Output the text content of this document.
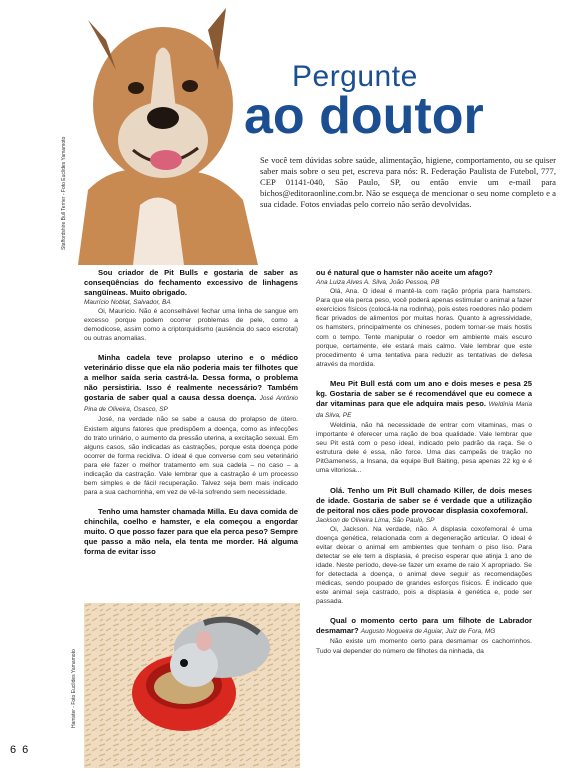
Staffordshire Bull Terrier - Foto Euclides Yamamoto
Pergunte
ao doutor
Se você tem dúvidas sobre saúde, alimentação, higiene, comportamento, ou se quiser saber mais sobre o seu pet, escreva para nós: R. Federação Paulista de Futebol, 777, CEP 01141-040, São Paulo, SP, ou então envie um e-mail para bichos@editoraonline.com.br. Não se esqueça de mencionar o seu nome completo e a sua cidade. Fotos enviadas pelo correio não serão devolvidas.

Sou criador de Pit Bulls e gostaria de saber as conseqüências do fechamento excessivo de linhagens sangüíneas. Muito obrigado.

Maurício Noblat, Salvador, BA

Oi, Maurício. Não é aconselhável fechar uma linha de sangue em excesso porque podem ocorrer problemas de pele, como a demodicose, assim como a criptorquidismo (ausência do saco escrotal) ou outras anomalias.

Minha cadela teve prolapso uterino e o médico veterinário disse que ela não poderia mais ter filhotes que a melhor saída seria castrá-la. Dessa forma, o problema não persistiria. Isso é realmente necessário? Também gostaria de saber qual a causa dessa doença. José Antônio Pina de Oliveira, Osasco, SP

José, na verdade não se sabe a causa do prolapso de útero. Existem alguns fatores que predispõem a doença, como as infecções do trato urinário, o aumento da pressão uterina, a excitação sexual. Em alguns casos, são indicadas as castrações, porque esta doença pode ocorrer de forma recidiva. O ideal é que converse com seu veterinário para ele fazer o melhor tratamento em sua cadela – no caso – a indicação da castração. Vale lembrar que a castração é um processo bem simples e de fácil recuperação. Talvez seja bem mais indicado para a sua cachorrinha, em vez de vê-la sofrendo sem necessidade.

Tenho uma hamster chamada Milla. Eu dava comida de chinchila, coelho e hamster, e ela começou a engordar muito. O que posso fazer para que ela perca peso? Sempre que passo a mão nela, ela tenta me morder. Há alguma forma de evitar isso

Hamster - Foto Euclides Yamamoto

ou é natural que o hamster não aceite um afago?

Ana Luiza Alves A. Silva, João Pessoa, PB

Olá, Ana. O ideal é mantê-la com ração própria para hamsters. Para que ela perca peso, você poderá apenas estimular o animal a fazer exercícios físicos (colocá-la na rodinha), pois estes roedores não podem ficar privados de alimentos por muitas horas. Quanto à agressividade, os hamsters, principalmente os chineses, podem tornar-se mais hostis com o tempo. Tente manipular o roedor em ambiente mais escuro porque, certamente, ele estará mais calmo. Vale lembrar que este procedimento é uma tentativa para reduzir as tentativas de defesa através da mordida.

Meu Pit Bull está com um ano e dois meses e pesa 25 kg. Gostaria de saber se é recomendável que eu comece a dar vitaminas para que ele adquira mais peso. Weldinia Maria da Silva, PE

Weldinia, não há necessidade de entrar com vitaminas, mas o importante é oferecer uma ração de boa qualidade. Vale lembrar que seu Pit está com o peso ideal, indicado pelo padrão da raça. Se o estrutura dele é essa, não force. Uma das campeãs de tração no PitGameness, a Insana, da equipe Bull Baiting, pesa apenas 22 kg e é uma vitoriosa...

Olá. Tenho um Pit Bull chamado Killer, de dois meses de idade. Gostaria de saber se é verdade que a utilização de peitoral nos cães pode provocar displasia coxofemoral.

Jackson de Oliveira Lima, São Paulo, SP

Oi, Jackson. Na verdade, não. A displasia coxofemoral é uma doença genética, relacionada com a degeneração articular. O ideal é evitar deixar o animal em ambientes que tenham o piso liso. Para detectar se ele tem a displasia, é preciso esperar que atinja 1 ano de idade. Neste período, deve-se fazer um exame de raio X apropriado. Se for detectada a doença, o animal deve seguir as recomendações médicas, sendo poupado de grandes esforços físicos. É indicado que este animal seja castrado, pois a displasia é genética e, pode ser passada.

Qual o momento certo para um filhote de Labrador desmamar? Augusto Nogueira de Aguiar, Juiz de Fora, MG

Não existe um momento certo para desmamar os cachorrinhos. Tudo vai depender do número de filhotes da ninhada, da

66
